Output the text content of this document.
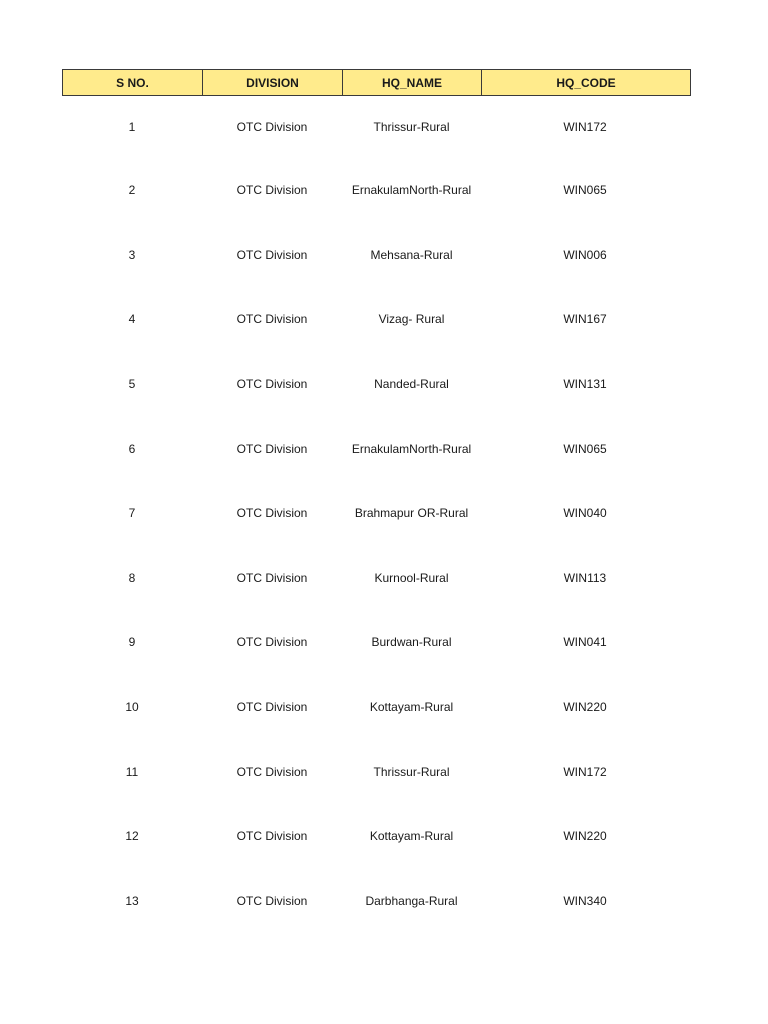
S NO.	DIVISION	HQ_NAME	HQ_CODE
1	OTC Division	Thrissur-Rural	WIN172
2	OTC Division	ErnakulamNorth-Rural	WIN065
3	OTC Division	Mehsana-Rural	WIN006
4	OTC Division	Vizag- Rural	WIN167
5	OTC Division	Nanded-Rural	WIN131
6	OTC Division	ErnakulamNorth-Rural	WIN065
7	OTC Division	Brahmapur OR-Rural	WIN040
8	OTC Division	Kurnool-Rural	WIN113
9	OTC Division	Burdwan-Rural	WIN041
10	OTC Division	Kottayam-Rural	WIN220
11	OTC Division	Thrissur-Rural	WIN172
12	OTC Division	Kottayam-Rural	WIN220
13	OTC Division	Darbhanga-Rural	WIN340
